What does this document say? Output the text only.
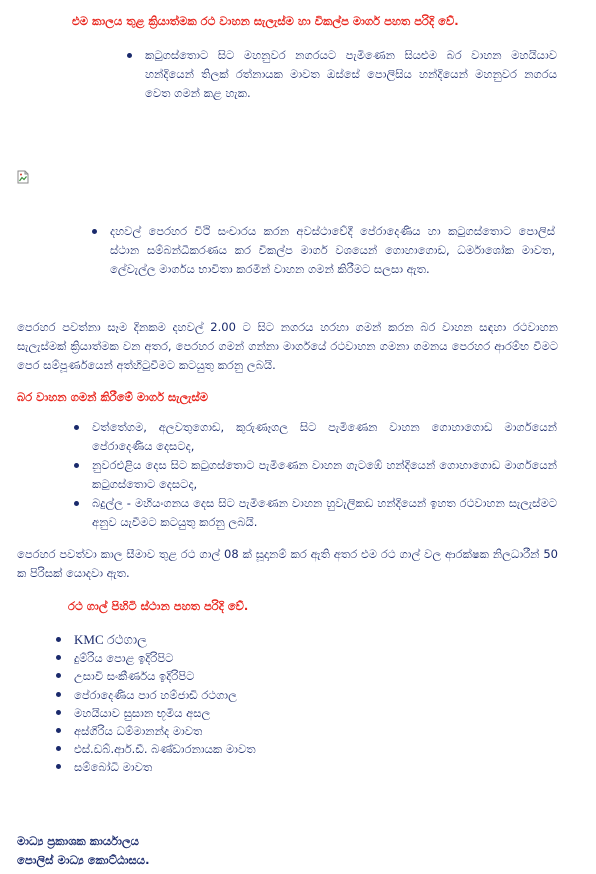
එම කාලය තුළ ක්‍රියාත්මක රථ වාහන සැලැස්ම හා විකල්ප මාර්ග පහත පරිදි වේ.
කටුගස්තොට සිට මහනුවර නගරයට පැමිණෙන සියළුම බර වාහන මහයියාව හන්දියෙන් තිලක් රත්නායක මාවත ඔස්සේ පොලිසිය හන්දියෙන් මහනුවර නගරය වෙත ගමන් කළ හැක.
දහවල් පෙරහර විථි සංචාරය කරන අවස්ථාවේදී පේරාදෙණිය හා කටුගස්තොට පොලිස් ස්ථාන සම්බන්ධීකරණය කර විකල්ප මාර්ග වශයෙන් ගොහාගොඩ, ධර්මාශෝක මාවත, ලේවැල්ල මාර්ගය භාවිතා කරමින් වාහන ගමන් කිරීමට සලසා ඇත.
පෙරහර පවත්නා සෑම දිනකම දහවල් 2.00 ට සිට නගරය හරහා ගමන් කරන බර වාහන සඳහා රථවාහන සැලැස්මක් ක්‍රියාත්මක වන අතර, පෙරහර ගමන් ගන්නා මාර්ගයේ රථවාහන ගමනා ගමනය පෙරහර ආරම්භ වීමට පෙර සම්පූර්ණයෙන් අත්හිටුවීමට කටයුතු කරනු ලබයි.
බර වාහන ගමන් කිරීමේ මාර්ග සැලැස්ම
වත්තේගම, අලවතුගොඩ, කුරුණෑගල සිට පැමිණෙන වාහන ගොහාගොඩ මාර්ගයෙන් පේරාදෙණිය දෙසටද,
නුවරඑළිය දෙස සිට කටුගස්තොට පැමිණෙන වාහන ගැටඹේ හන්දියෙන් ගොහාගොඩ මාර්ගයෙන් කටුගස්තොට දෙසටද,
බදුල්ල - මහියංගනය දෙස සිට පැමිණෙන වාහන හුවැලිකඩ හන්දියෙන් ඉහත රථවාහන සැලැස්මට අනුව යැවීමට කටයුතු කරනු ලබයි.
පෙරහර පවත්වා කාල සීමාව තුළ රථ ගාල් 08 ක් සූදානම් කර ඇති අතර එම රථ ගාල් වල ආරක්ෂක නිලධාරීන් 50 ක පිරිසක් යොදවා ඇත.
රථ ගාල් පිහිටි ස්ථාන පහත පරිදි වේ.
KMC රථගාල
දුම්රිය පොළ ඉදිරිපිට
උසාවි සංකීර්ණය ඉදිරිපිට
පේරාදෙණිය පාර හම්ජාඩි රථගාල
මහයියාව සුසාන භූමිය අසල
අස්ගිරිය ධම්මානන්ද මාවත
එස්.ඩබ්.ආර්.ඩී. බණ්ඩාරනායක මාවත
සම්බෝධි මාවත
මාධ්‍ය ප්‍රකාශක කාර්යාලය
පොලිස් මාධ්‍ය කොට්ඨාසය.
